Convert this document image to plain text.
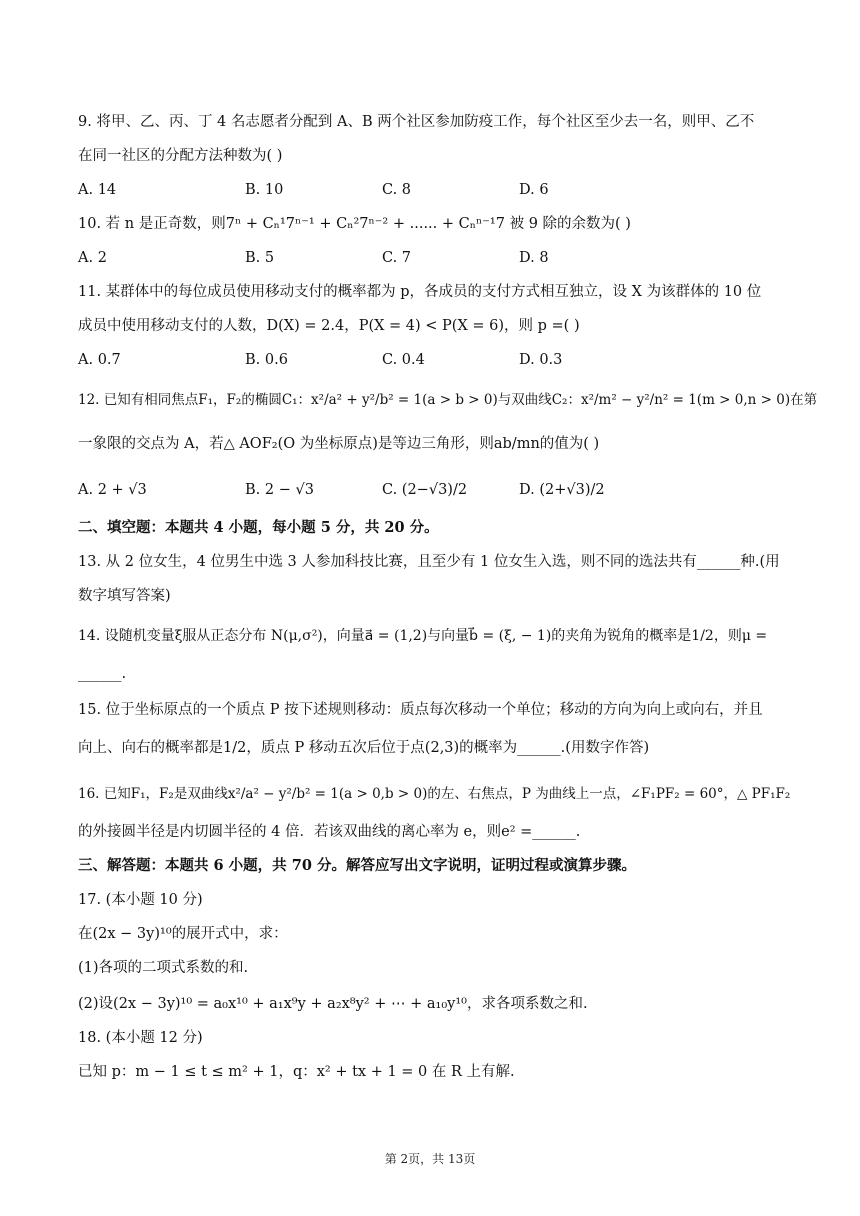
9. 将甲、乙、丙、丁 4 名志愿者分配到 A、B 两个社区参加防疫工作，每个社区至少去一名，则甲、乙不
在同一社区的分配方法种数为( )
A. 14	B. 10	C. 8	D. 6
10. 若 n 是正奇数，则7ⁿ + Cₙ¹7ⁿ⁻¹ + Cₙ²7ⁿ⁻² + ...... + Cₙⁿ⁻¹7 被 9 除的余数为( )
A. 2	B. 5	C. 7	D. 8
11. 某群体中的每位成员使用移动支付的概率都为 p，各成员的支付方式相互独立，设 X 为该群体的 10 位
成员中使用移动支付的人数，D(X) = 2.4，P(X = 4) < P(X = 6)，则 p =( )
A. 0.7	B. 0.6	C. 0.4	D. 0.3
12. 已知有相同焦点F₁，F₂的椭圆C₁：x²/a² + y²/b² = 1(a > b > 0)与双曲线C₂：x²/m² − y²/n² = 1(m > 0,n > 0)在第
一象限的交点为 A，若△ AOF₂(O 为坐标原点)是等边三角形，则ab/mn的值为( )
A. 2 + √3	B. 2 − √3	C. (2−√3)/2	D. (2+√3)/2
二、填空题：本题共 4 小题，每小题 5 分，共 20 分。
13. 从 2 位女生，4 位男生中选 3 人参加科技比赛，且至少有 1 位女生入选，则不同的选法共有______种.(用
数字填写答案)
14. 设随机变量ξ服从正态分布 N(μ,σ²)，向量a⃗ = (1,2)与向量b⃗ = (ξ, − 1)的夹角为锐角的概率是1/2，则μ =
______.
15. 位于坐标原点的一个质点 P 按下述规则移动：质点每次移动一个单位；移动的方向为向上或向右，并且
向上、向右的概率都是1/2，质点 P 移动五次后位于点(2,3)的概率为______.(用数字作答)
16. 已知F₁，F₂是双曲线x²/a² − y²/b² = 1(a > 0,b > 0)的左、右焦点，P 为曲线上一点，∠F₁PF₂ = 60°，△ PF₁F₂
的外接圆半径是内切圆半径的 4 倍．若该双曲线的离心率为 e，则e² =______.
三、解答题：本题共 6 小题，共 70 分。解答应写出文字说明，证明过程或演算步骤。
17. (本小题 10 分)
在(2x − 3y)¹⁰的展开式中，求：
(1)各项的二项式系数的和.
(2)设(2x − 3y)¹⁰ = a₀x¹⁰ + a₁x⁹y + a₂x⁸y² + ⋯ + a₁₀y¹⁰，求各项系数之和.
18. (本小题 12 分)
已知 p：m − 1 ≤ t ≤ m² + 1，q：x² + tx + 1 = 0 在 R 上有解.
第 2页，共 13页
